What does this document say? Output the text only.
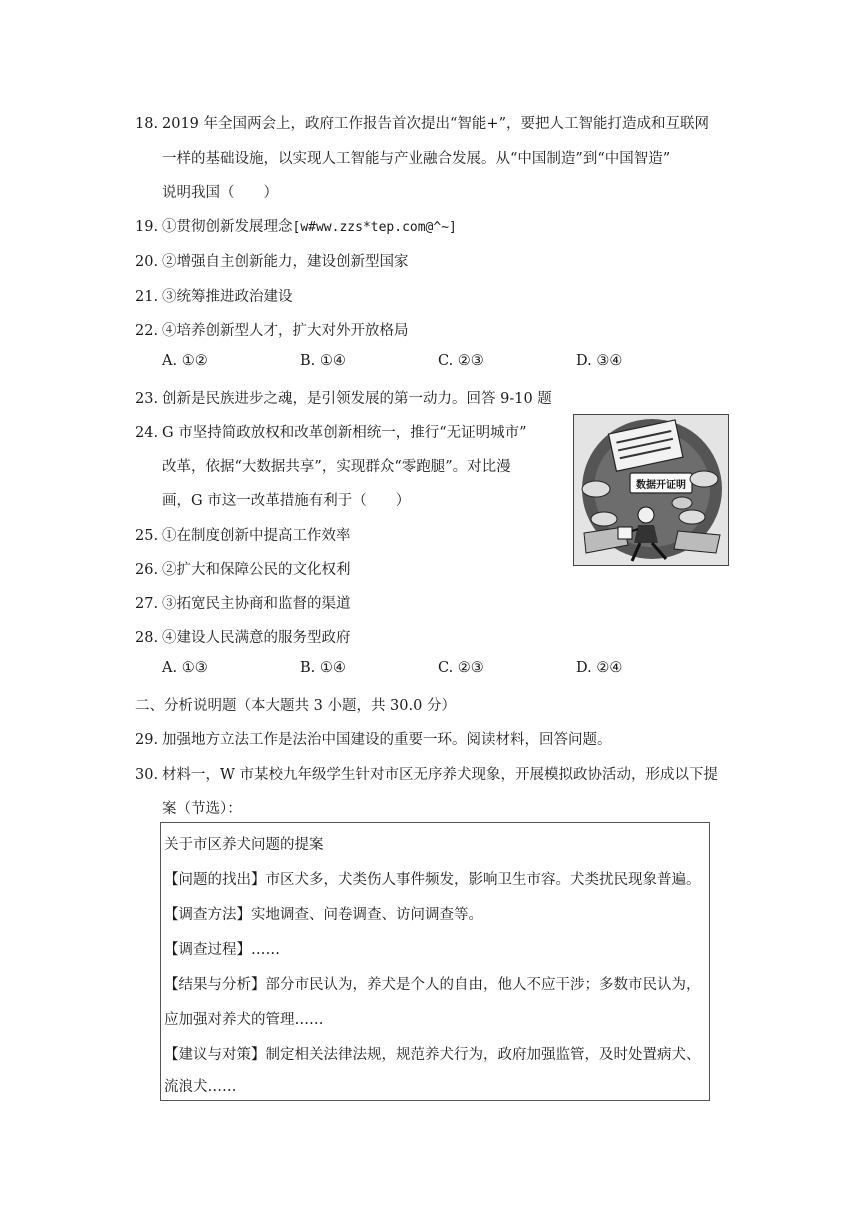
18. 2019 年全国两会上，政府工作报告首次提出“智能+”，要把人工智能打造成和互联网
一样的基础设施，以实现人工智能与产业融合发展。从“中国制造”到“中国智造”
说明我国（　　）
19. ①贯彻创新发展理念[w#ww.zzs*tep.com@^~]
20. ②增强自主创新能力，建设创新型国家
21. ③统筹推进政治建设
22. ④培养创新型人才，扩大对外开放格局
A. ①②	B. ①④	C. ②③	D. ③④
23. 创新是民族进步之魂，是引领发展的第一动力。回答 9-10 题
24. G 市坚持简政放权和改革创新相统一，推行“无证明城市”
改革，依据“大数据共享”，实现群众“零跑腿”。对比漫
画，G 市这一改革措施有利于（　　）
数据开证明
25. ①在制度创新中提高工作效率
26. ②扩大和保障公民的文化权利
27. ③拓宽民主协商和监督的渠道
28. ④建设人民满意的服务型政府
A. ①③	B. ①④	C. ②③	D. ②④
二、分析说明题（本大题共 3 小题，共 30.0 分）
29. 加强地方立法工作是法治中国建设的重要一环。阅读材料，回答问题。
30. 材料一，W 市某校九年级学生针对市区无序养犬现象，开展模拟政协活动，形成以下提
案（节选）：
关于市区养犬问题的提案
【问题的找出】市区犬多，犬类伤人事件频发，影响卫生市容。犬类扰民现象普遍。
【调查方法】实地调查、问卷调查、访问调查等。
【调查过程】……
【结果与分析】部分市民认为，养犬是个人的自由，他人不应干涉；多数市民认为，
应加强对养犬的管理……
【建议与对策】制定相关法律法规，规范养犬行为，政府加强监管，及时处置病犬、
流浪犬……
